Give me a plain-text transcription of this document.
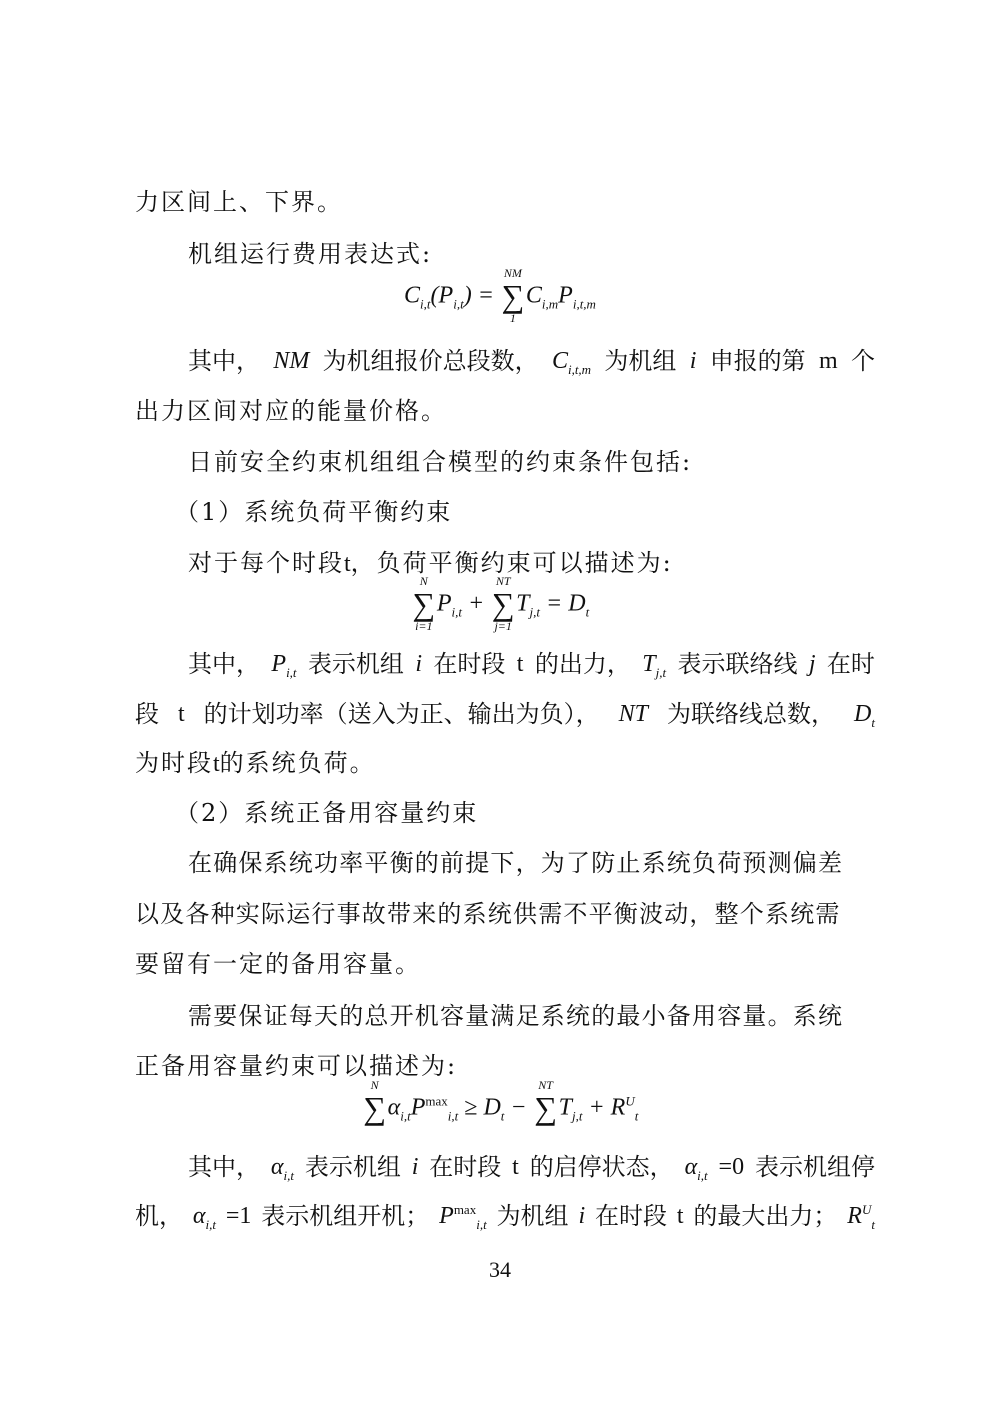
力区间上、下界。
机组运行费用表达式:
$C_{i,t}(P_{i,t})$ =
NM
∑
1
$C_{i,m}P_{i,t,m}$
其中， NM 为机组报价总段数， $C_{i,t,m}$ 为机组 i 申报的第 m 个
出力区间对应的能量价格。
日前安全约束机组组合模型的约束条件包括:
（1）系统负荷平衡约束
对于每个时段t，负荷平衡约束可以描述为:
N
∑
i=1
$P_{i,t}$ +
NT
∑
j=1
$T_{j,t} = D_t$
其中， $P_{i,t}$ 表示机组 i 在时段 t 的出力， $T_{j,t}$ 表示联络线 j 在时
段 t 的计划功率（送入为正、输出为负）， NT 为联络线总数， $D_t$
为时段t的系统负荷。
（2）系统正备用容量约束
在确保系统功率平衡的前提下，为了防止系统负荷预测偏差
以及各种实际运行事故带来的系统供需不平衡波动，整个系统需
要留有一定的备用容量。
需要保证每天的总开机容量满足系统的最小备用容量。系统
正备用容量约束可以描述为:
N
$\sum\alpha_{i,t}P^{max}_{i,t} \ge D_t$ −
NT
$\sum T_{j,t} + R^U_t$
其中， $\alpha_{i,t}$ 表示机组 i 在时段 t 的启停状态， $\alpha_{i,t} =0$ 表示机组停
机， $\alpha_{i,t} =1$ 表示机组开机； $P^{max}_{i,t}$ 为机组 i 在时段 t 的最大出力； $R^U_t$
34
